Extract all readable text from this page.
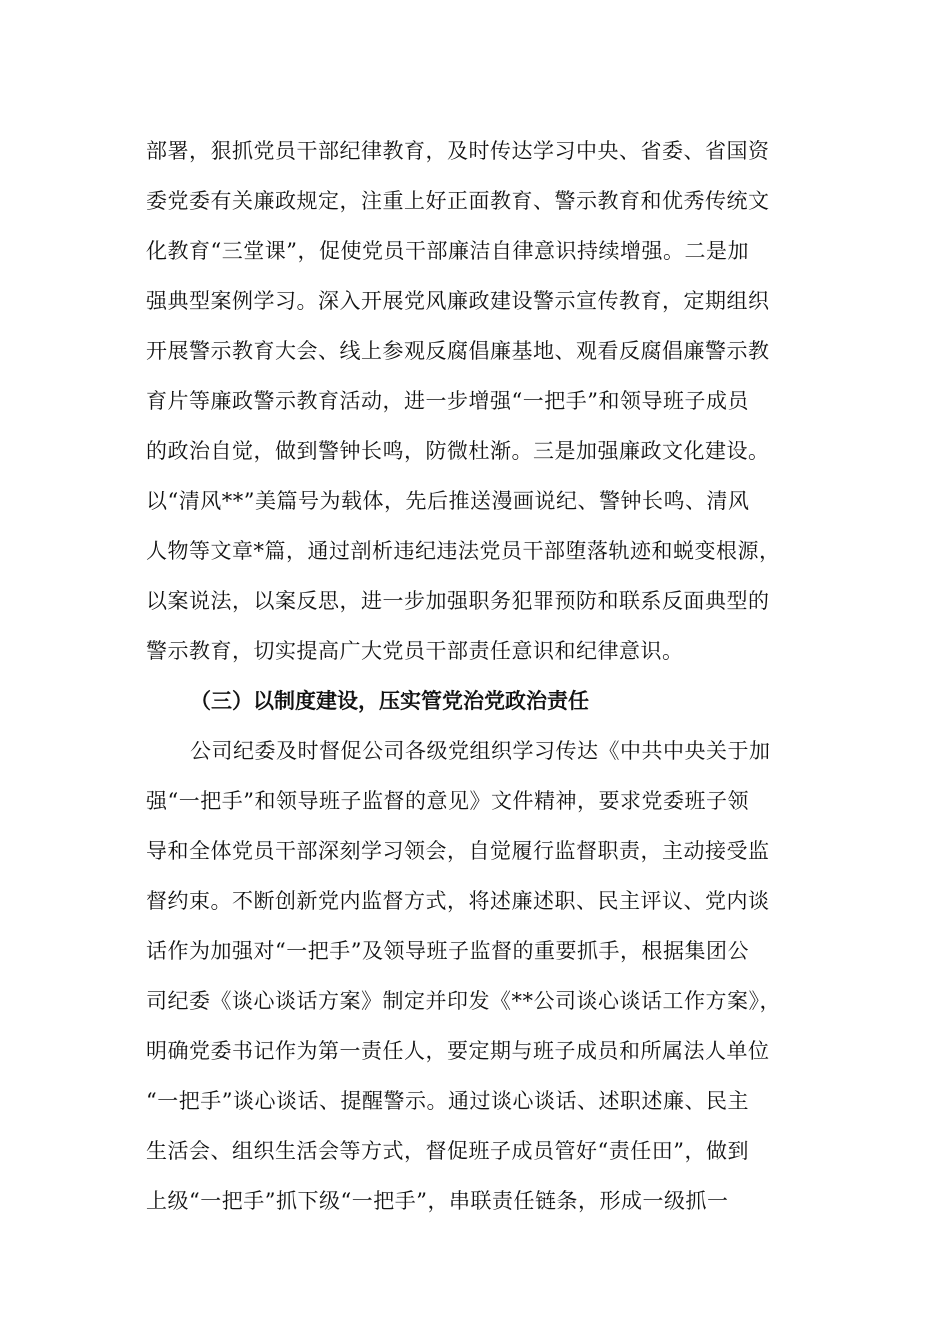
部署，狠抓党员干部纪律教育，及时传达学习中央、省委、省国资
委党委有关廉政规定，注重上好正面教育、警示教育和优秀传统文
化教育“三堂课”，促使党员干部廉洁自律意识持续增强。二是加
强典型案例学习。深入开展党风廉政建设警示宣传教育，定期组织
开展警示教育大会、线上参观反腐倡廉基地、观看反腐倡廉警示教
育片等廉政警示教育活动，进一步增强“一把手”和领导班子成员
的政治自觉，做到警钟长鸣，防微杜渐。三是加强廉政文化建设。
以“清风**”美篇号为载体，先后推送漫画说纪、警钟长鸣、清风
人物等文章*篇，通过剖析违纪违法党员干部堕落轨迹和蜕变根源，
以案说法，以案反思，进一步加强职务犯罪预防和联系反面典型的
警示教育，切实提高广大党员干部责任意识和纪律意识。
（三）以制度建设，压实管党治党政治责任
公司纪委及时督促公司各级党组织学习传达《中共中央关于加
强“一把手”和领导班子监督的意见》文件精神，要求党委班子领
导和全体党员干部深刻学习领会，自觉履行监督职责，主动接受监
督约束。不断创新党内监督方式，将述廉述职、民主评议、党内谈
话作为加强对“一把手”及领导班子监督的重要抓手，根据集团公
司纪委《谈心谈话方案》制定并印发《**公司谈心谈话工作方案》，
明确党委书记作为第一责任人，要定期与班子成员和所属法人单位
“一把手”谈心谈话、提醒警示。通过谈心谈话、述职述廉、民主
生活会、组织生活会等方式，督促班子成员管好“责任田”，做到
上级“一把手”抓下级“一把手”，串联责任链条，形成一级抓一
